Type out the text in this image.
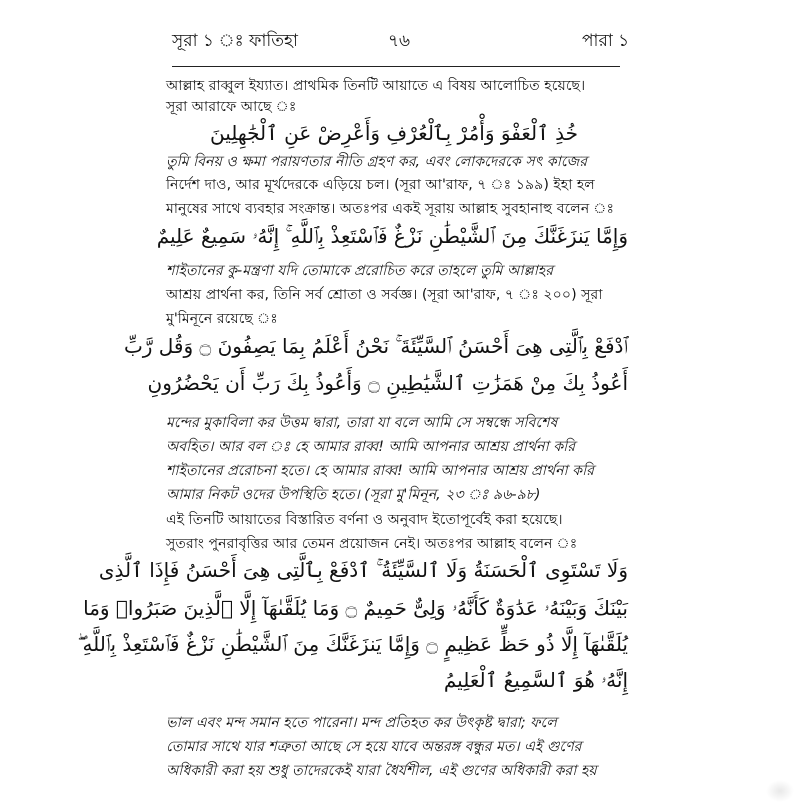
সূরা ১ ঃ ফাতিহা	৭৬	পারা ১
আল্লাহ রাব্বুল ইয্যাত। প্রাথমিক তিনটি আয়াতে এ বিষয় আলোচিত হয়েছে।
সূরা আরাফে আছে ঃ
خُذِ ٱلْعَفْوَ وَأْمُرْ بِٱلْعُرْفِ وَأَعْرِضْ عَنِ ٱلْجَٰهِلِينَ
তুমি বিনয় ও ক্ষমা পরায়ণতার নীতি গ্রহণ কর, এবং লোকদেরকে সৎ কাজের
নির্দেশ দাও, আর মূর্খদেরকে এড়িয়ে চল। (সূরা আ'রাফ, ৭ ঃ ১৯৯) ইহা হল
মানুষের সাথে ব্যবহার সংক্রান্ত। অতঃপর একই সূরায় আল্লাহ সুবহানাহু বলেন ঃ
وَإِمَّا يَنزَغَنَّكَ مِنَ ٱلشَّيْطَٰنِ نَزْغٌ فَٱسْتَعِذْ بِٱللَّهِ ۚ إِنَّهُۥ سَمِيعٌ عَلِيمٌ
শাইতানের কু-মন্ত্রণা যদি তোমাকে প্ররোচিত করে তাহলে তুমি আল্লাহর
আশ্রয় প্রার্থনা কর, তিনি সর্ব শ্রোতা ও সর্বজ্ঞ। (সূরা আ'রাফ, ৭ ঃ ২০০) সূরা
মু'মিনূনে রয়েছে ঃ
ٱدْفَعْ بِٱلَّتِى هِىَ أَحْسَنُ ٱلسَّيِّئَةَ ۚ نَحْنُ أَعْلَمُ بِمَا يَصِفُونَ ۝ وَقُل رَّبِّ
أَعُوذُ بِكَ مِنْ هَمَزَٰتِ ٱلشَّيَٰطِينِ ۝ وَأَعُوذُ بِكَ رَبِّ أَن يَحْضُرُونِ
মন্দের মুকাবিলা কর উত্তম দ্বারা, তারা যা বলে আমি সে সম্বন্ধে সবিশেষ
অবহিত। আর বল ঃ হে আমার রাব্ব! আমি আপনার আশ্রয় প্রার্থনা করি
শাইতানের প্ররোচনা হতে। হে আমার রাব্ব! আমি আপনার আশ্রয় প্রার্থনা করি
আমার নিকট ওদের উপস্থিতি হতে। (সূরা মু'মিনূন, ২৩ ঃ ৯৬-৯৮)
এই তিনটি আয়াতের বিস্তারিত বর্ণনা ও অনুবাদ ইতোপূর্বেই করা হয়েছে।
সুতরাং পুনরাবৃত্তির আর তেমন প্রয়োজন নেই। অতঃপর আল্লাহ বলেন ঃ
وَلَا تَسْتَوِى ٱلْحَسَنَةُ وَلَا ٱلسَّيِّئَةُ ۚ ٱدْفَعْ بِٱلَّتِى هِىَ أَحْسَنُ فَإِذَا ٱلَّذِى
بَيْنَكَ وَبَيْنَهُۥ عَدَٰوَةٌ كَأَنَّهُۥ وَلِىٌّ حَمِيمٌ ۝ وَمَا يُلَقَّىٰهَآ إِلَّا ٱلَّذِينَ صَبَرُوا۟ وَمَا
يُلَقَّىٰهَآ إِلَّا ذُو حَظٍّ عَظِيمٍ ۝ وَإِمَّا يَنزَغَنَّكَ مِنَ ٱلشَّيْطَٰنِ نَزْغٌ فَٱسْتَعِذْ بِٱللَّهِ ۖ
إِنَّهُۥ هُوَ ٱلسَّمِيعُ ٱلْعَلِيمُ
ভাল এবং মন্দ সমান হতে পারেনা। মন্দ প্রতিহত কর উৎকৃষ্ট দ্বারা; ফলে
তোমার সাথে যার শত্রুতা আছে সে হয়ে যাবে অন্তরঙ্গ বন্ধুর মত। এই গুণের
অধিকারী করা হয় শুধু তাদেরকেই যারা ধৈর্যশীল, এই গুণের অধিকারী করা হয়
